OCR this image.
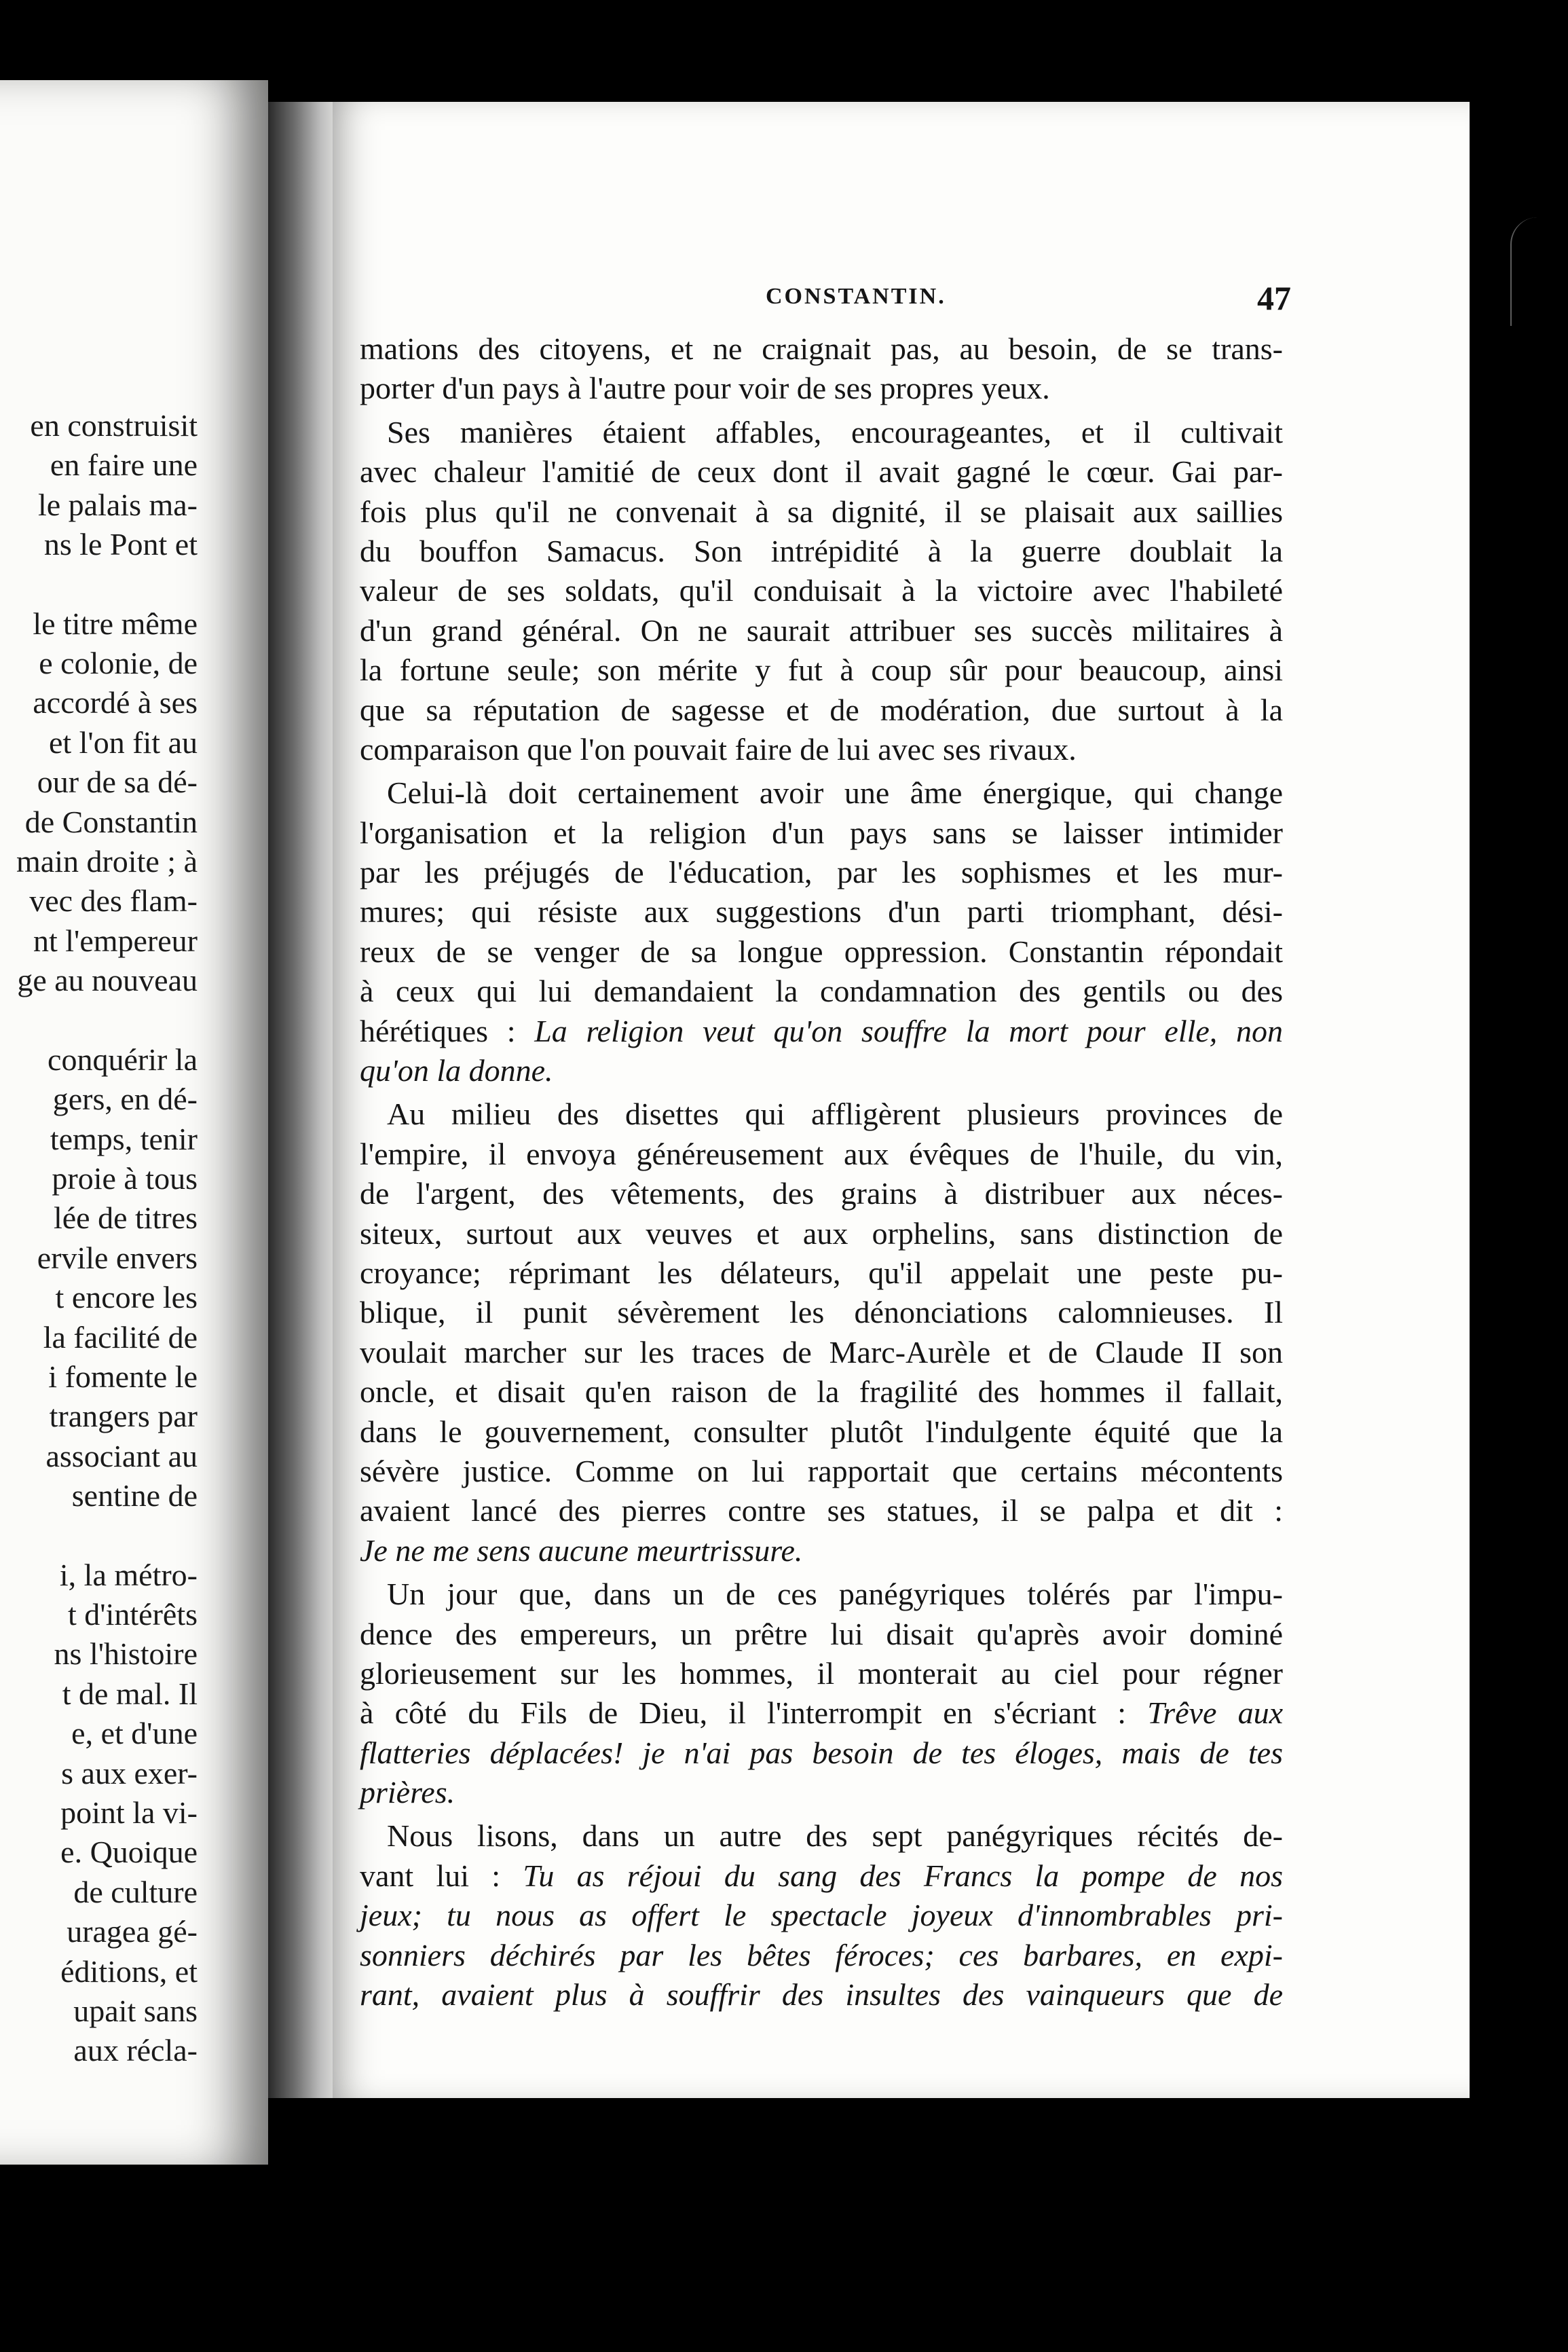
en construisit
en faire une
le palais ma-
ns le Pont et
le titre même
e colonie, de
accordé à ses
et l'on fit au
our de sa dé-
de Constantin
main droite ; à
vec des flam-
nt l'empereur
ge au nouveau
conquérir la
gers, en dé-
temps, tenir
proie à tous
lée de titres
ervile envers
t encore les
la facilité de
i fomente le
trangers par
associant au
sentine de
i, la métro-
t d'intérêts
ns l'histoire
t de mal. Il
e, et d'une
s aux exer-
point la vi-
e. Quoique
de culture
uragea gé-
éditions, et
upait sans
aux récla-
CONSTANTIN.	47
mations des citoyens, et ne craignait pas, au besoin, de se trans-
porter d'un pays à l'autre pour voir de ses propres yeux.
Ses manières étaient affables, encourageantes, et il cultivait
avec chaleur l'amitié de ceux dont il avait gagné le cœur. Gai par-
fois plus qu'il ne convenait à sa dignité, il se plaisait aux saillies
du bouffon Samacus. Son intrépidité à la guerre doublait la
valeur de ses soldats, qu'il conduisait à la victoire avec l'habileté
d'un grand général. On ne saurait attribuer ses succès militaires à
la fortune seule; son mérite y fut à coup sûr pour beaucoup, ainsi
que sa réputation de sagesse et de modération, due surtout à la
comparaison que l'on pouvait faire de lui avec ses rivaux.
Celui-là doit certainement avoir une âme énergique, qui change
l'organisation et la religion d'un pays sans se laisser intimider
par les préjugés de l'éducation, par les sophismes et les mur-
mures; qui résiste aux suggestions d'un parti triomphant, dési-
reux de se venger de sa longue oppression. Constantin répondait
à ceux qui lui demandaient la condamnation des gentils ou des
hérétiques : La religion veut qu'on souffre la mort pour elle, non
qu'on la donne.
Au milieu des disettes qui affligèrent plusieurs provinces de
l'empire, il envoya généreusement aux évêques de l'huile, du vin,
de l'argent, des vêtements, des grains à distribuer aux néces-
siteux, surtout aux veuves et aux orphelins, sans distinction de
croyance; réprimant les délateurs, qu'il appelait une peste pu-
blique, il punit sévèrement les dénonciations calomnieuses. Il
voulait marcher sur les traces de Marc-Aurèle et de Claude II son
oncle, et disait qu'en raison de la fragilité des hommes il fallait,
dans le gouvernement, consulter plutôt l'indulgente équité que la
sévère justice. Comme on lui rapportait que certains mécontents
avaient lancé des pierres contre ses statues, il se palpa et dit :
Je ne me sens aucune meurtrissure.
Un jour que, dans un de ces panégyriques tolérés par l'impu-
dence des empereurs, un prêtre lui disait qu'après avoir dominé
glorieusement sur les hommes, il monterait au ciel pour régner
à côté du Fils de Dieu, il l'interrompit en s'écriant : Trêve aux
flatteries déplacées! je n'ai pas besoin de tes éloges, mais de tes
prières.
Nous lisons, dans un autre des sept panégyriques récités de-
vant lui : Tu as réjoui du sang des Francs la pompe de nos
jeux; tu nous as offert le spectacle joyeux d'innombrables pri-
sonniers déchirés par les bêtes féroces; ces barbares, en expi-
rant, avaient plus à souffrir des insultes des vainqueurs que de
